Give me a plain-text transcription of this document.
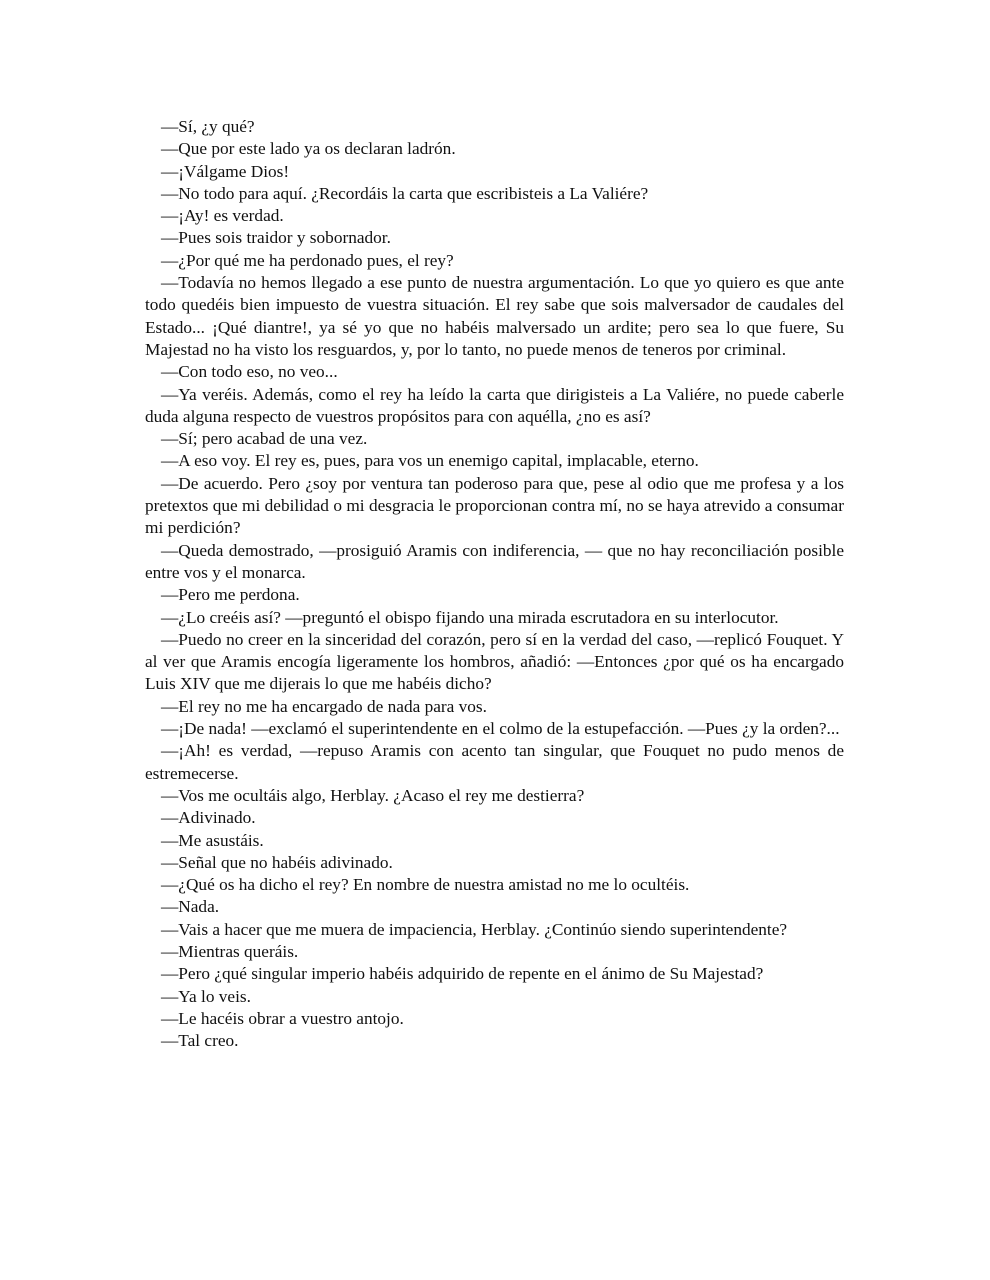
—Sí, ¿y qué?

—Que por este lado ya os declaran ladrón.

—¡Válgame Dios!

—No todo para aquí. ¿Recordáis la carta que escribisteis a La Valiére?

—¡Ay! es verdad.

—Pues sois traidor y sobornador.

—¿Por qué me ha perdonado pues, el rey?

—Todavía no hemos llegado a ese punto de nuestra argumentación. Lo que yo quiero es que ante todo quedéis bien impuesto de vuestra situación. El rey sabe que sois malversador de caudales del Estado... ¡Qué diantre!, ya sé yo que no habéis malversado un ardite; pero sea lo que fuere, Su Majestad no ha visto los resguardos, y, por lo tanto, no puede menos de teneros por criminal.

—Con todo eso, no veo...

—Ya veréis. Además, como el rey ha leído la carta que dirigisteis a La Valiére, no puede caberle duda alguna respecto de vuestros propósitos para con aquélla, ¿no es así?

—Sí; pero acabad de una vez.

—A eso voy. El rey es, pues, para vos un enemigo capital, implacable, eterno.

—De acuerdo. Pero ¿soy por ventura tan poderoso para que, pese al odio que me profesa y a los pretextos que mi debilidad o mi desgracia le proporcionan contra mí, no se haya atrevido a consumar mi perdición?

—Queda demostrado, —prosiguió Aramis con indiferencia, — que no hay reconciliación posible entre vos y el monarca.

—Pero me perdona.

—¿Lo creéis así? —preguntó el obispo fijando una mirada escrutadora en su interlocutor.

—Puedo no creer en la sinceridad del corazón, pero sí en la verdad del caso, —replicó Fouquet. Y al ver que Aramis encogía ligeramente los hombros, añadió: —Entonces ¿por qué os ha encargado Luis XIV que me dijerais lo que me habéis dicho?

—El rey no me ha encargado de nada para vos.

—¡De nada! —exclamó el superintendente en el colmo de la estupefacción. —Pues ¿y la orden?...

—¡Ah! es verdad, —repuso Aramis con acento tan singular, que Fouquet no pudo menos de estremecerse.

—Vos me ocultáis algo, Herblay. ¿Acaso el rey me destierra?

—Adivinado.

—Me asustáis.

—Señal que no habéis adivinado.

—¿Qué os ha dicho el rey? En nombre de nuestra amistad no me lo ocultéis.

—Nada.

—Vais a hacer que me muera de impaciencia, Herblay. ¿Continúo siendo superintendente?

—Mientras queráis.

—Pero ¿qué singular imperio habéis adquirido de repente en el ánimo de Su Majestad?

—Ya lo veis.

—Le hacéis obrar a vuestro antojo.

—Tal creo.
